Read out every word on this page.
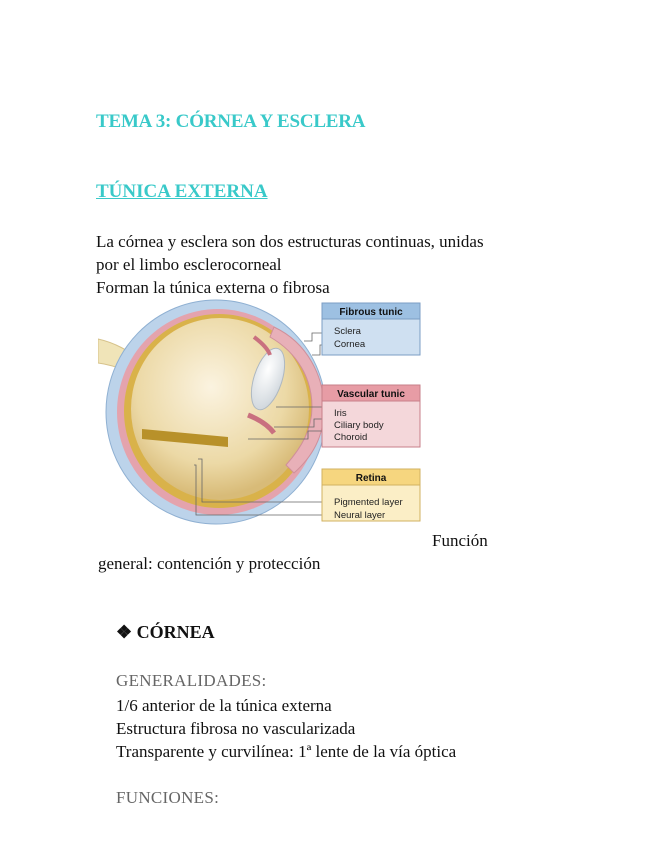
TEMA 3: CÓRNEA Y ESCLERA
TÚNICA EXTERNA
La córnea y esclera son dos estructuras continuas, unidas
por el limbo esclerocorneal
Forman la túnica externa o fibrosa
Fibrous tunic
Sclera
Cornea
Vascular tunic
Iris
Ciliary body
Choroid
Retina
Pigmented layer
Neural layer
Función
general: contención y protección
❖ CÓRNEA
GENERALIDADES:
1/6 anterior de la túnica externa
Estructura fibrosa no vascularizada
Transparente y curvilínea: 1ª lente de la vía óptica
FUNCIONES:
